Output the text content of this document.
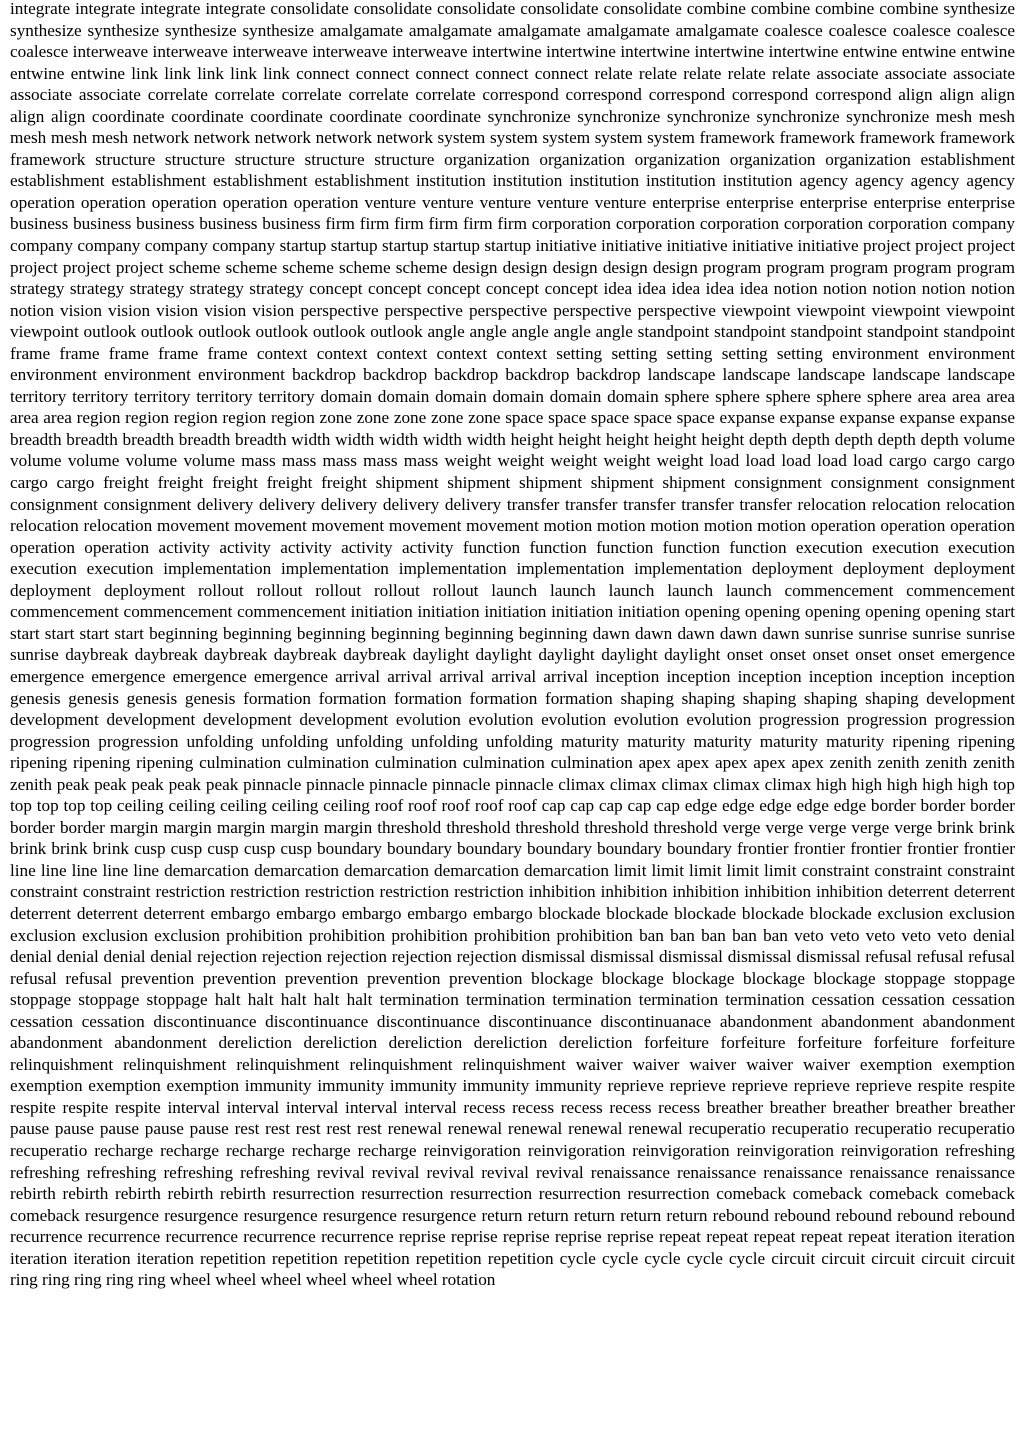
integrate integrate integrate integrate consolidate consolidate consolidate consolidate consolidate combine combine combine combine synthesize synthesize synthesize synthesize synthesize amalgamate amalgamate amalgamate amalgamate amalgamate coalesce coalesce coalesce coalesce coalesce interweave interweave interweave interweave interweave intertwine intertwine intertwine intertwine intertwine entwine entwine entwine entwine entwine link link link link link connect connect connect connect connect relate relate relate relate relate associate associate associate associate associate correlate correlate correlate correlate correlate correspond correspond correspond correspond correspond align align align align align coordinate coordinate coordinate coordinate coordinate synchronize synchronize synchronize synchronize synchronize mesh mesh mesh mesh mesh network network network network network system system system system system framework framework framework framework framework structure structure structure structure structure organization organization organization organization organization establishment establishment establishment establishment establishment institution institution institution institution institution agency agency agency agency operation operation operation operation operation venture venture venture venture venture enterprise enterprise enterprise enterprise enterprise business business business business business firm firm firm firm firm firm corporation corporation corporation corporation corporation company company company company company startup startup startup startup startup initiative initiative initiative initiative initiative project project project project project project scheme scheme scheme scheme scheme design design design design design program program program program program strategy strategy strategy strategy strategy concept concept concept concept concept idea idea idea idea idea notion notion notion notion notion notion vision vision vision vision vision perspective perspective perspective perspective perspective viewpoint viewpoint viewpoint viewpoint viewpoint outlook outlook outlook outlook outlook outlook angle angle angle angle angle standpoint standpoint standpoint standpoint standpoint frame frame frame frame frame context context context context context setting setting setting setting setting environment environment environment environment environment backdrop backdrop backdrop backdrop backdrop landscape landscape landscape landscape landscape territory territory territory territory territory domain domain domain domain domain domain sphere sphere sphere sphere sphere area area area area area region region region region region zone zone zone zone zone space space space space space expanse expanse expanse expanse expanse breadth breadth breadth breadth breadth width width width width width height height height height height depth depth depth depth depth volume volume volume volume volume mass mass mass mass mass weight weight weight weight weight load load load load load cargo cargo cargo cargo cargo freight freight freight freight freight shipment shipment shipment shipment shipment consignment consignment consignment consignment consignment delivery delivery delivery delivery delivery transfer transfer transfer transfer transfer relocation relocation relocation relocation relocation movement movement movement movement movement motion motion motion motion motion operation operation operation operation operation activity activity activity activity activity function function function function function execution execution execution execution execution implementation implementation implementation implementation implementation deployment deployment deployment deployment deployment rollout rollout rollout rollout rollout launch launch launch launch launch commencement commencement commencement commencement commencement initiation initiation initiation initiation initiation opening opening opening opening opening start start start start start beginning beginning beginning beginning beginning beginning dawn dawn dawn dawn dawn sunrise sunrise sunrise sunrise sunrise daybreak daybreak daybreak daybreak daybreak daylight daylight daylight daylight daylight onset onset onset onset onset emergence emergence emergence emergence emergence arrival arrival arrival arrival arrival inception inception inception inception inception inception genesis genesis genesis genesis formation formation formation formation formation shaping shaping shaping shaping shaping development development development development development evolution evolution evolution evolution evolution progression progression progression progression progression unfolding unfolding unfolding unfolding unfolding maturity maturity maturity maturity maturity ripening ripening ripening ripening ripening culmination culmination culmination culmination culmination apex apex apex apex apex zenith zenith zenith zenith zenith peak peak peak peak peak pinnacle pinnacle pinnacle pinnacle pinnacle climax climax climax climax climax high high high high high top top top top top ceiling ceiling ceiling ceiling ceiling roof roof roof roof roof cap cap cap cap cap edge edge edge edge edge border border border border border margin margin margin margin margin threshold threshold threshold threshold threshold verge verge verge verge verge brink brink brink brink brink cusp cusp cusp cusp cusp boundary boundary boundary boundary boundary boundary frontier frontier frontier frontier frontier line line line line line demarcation demarcation demarcation demarcation demarcation limit limit limit limit limit constraint constraint constraint constraint constraint restriction restriction restriction restriction restriction inhibition inhibition inhibition inhibition inhibition deterrent deterrent deterrent deterrent deterrent embargo embargo embargo embargo embargo blockade blockade blockade blockade blockade exclusion exclusion exclusion exclusion exclusion prohibition prohibition prohibition prohibition prohibition ban ban ban ban ban veto veto veto veto veto denial denial denial denial denial rejection rejection rejection rejection rejection dismissal dismissal dismissal dismissal dismissal refusal refusal refusal refusal refusal prevention prevention prevention prevention prevention blockage blockage blockage blockage blockage stoppage stoppage stoppage stoppage stoppage halt halt halt halt halt termination termination termination termination termination cessation cessation cessation cessation cessation discontinuance discontinuance discontinuance discontinuance discontinuanace abandonment abandonment abandonment abandonment abandonment dereliction dereliction dereliction dereliction dereliction forfeiture forfeiture forfeiture forfeiture forfeiture relinquishment relinquishment relinquishment relinquishment relinquishment waiver waiver waiver waiver waiver exemption exemption exemption exemption exemption immunity immunity immunity immunity immunity reprieve reprieve reprieve reprieve reprieve respite respite respite respite respite interval interval interval interval interval recess recess recess recess recess breather breather breather breather breather pause pause pause pause pause rest rest rest rest rest renewal renewal renewal renewal renewal recuperatio recuperatio recuperatio recuperatio recuperatio recharge recharge recharge recharge recharge reinvigoration reinvigoration reinvigoration reinvigoration reinvigoration refreshing refreshing refreshing refreshing refreshing revival revival revival revival revival renaissance renaissance renaissance renaissance renaissance rebirth rebirth rebirth rebirth rebirth resurrection resurrection resurrection resurrection resurrection comeback comeback comeback comeback comeback resurgence resurgence resurgence resurgence resurgence return return return return return rebound rebound rebound rebound rebound recurrence recurrence recurrence recurrence recurrence reprise reprise reprise reprise reprise repeat repeat repeat repeat repeat iteration iteration iteration iteration iteration repetition repetition repetition repetition repetition cycle cycle cycle cycle cycle circuit circuit circuit circuit circuit ring ring ring ring ring wheel wheel wheel wheel wheel wheel rotation
